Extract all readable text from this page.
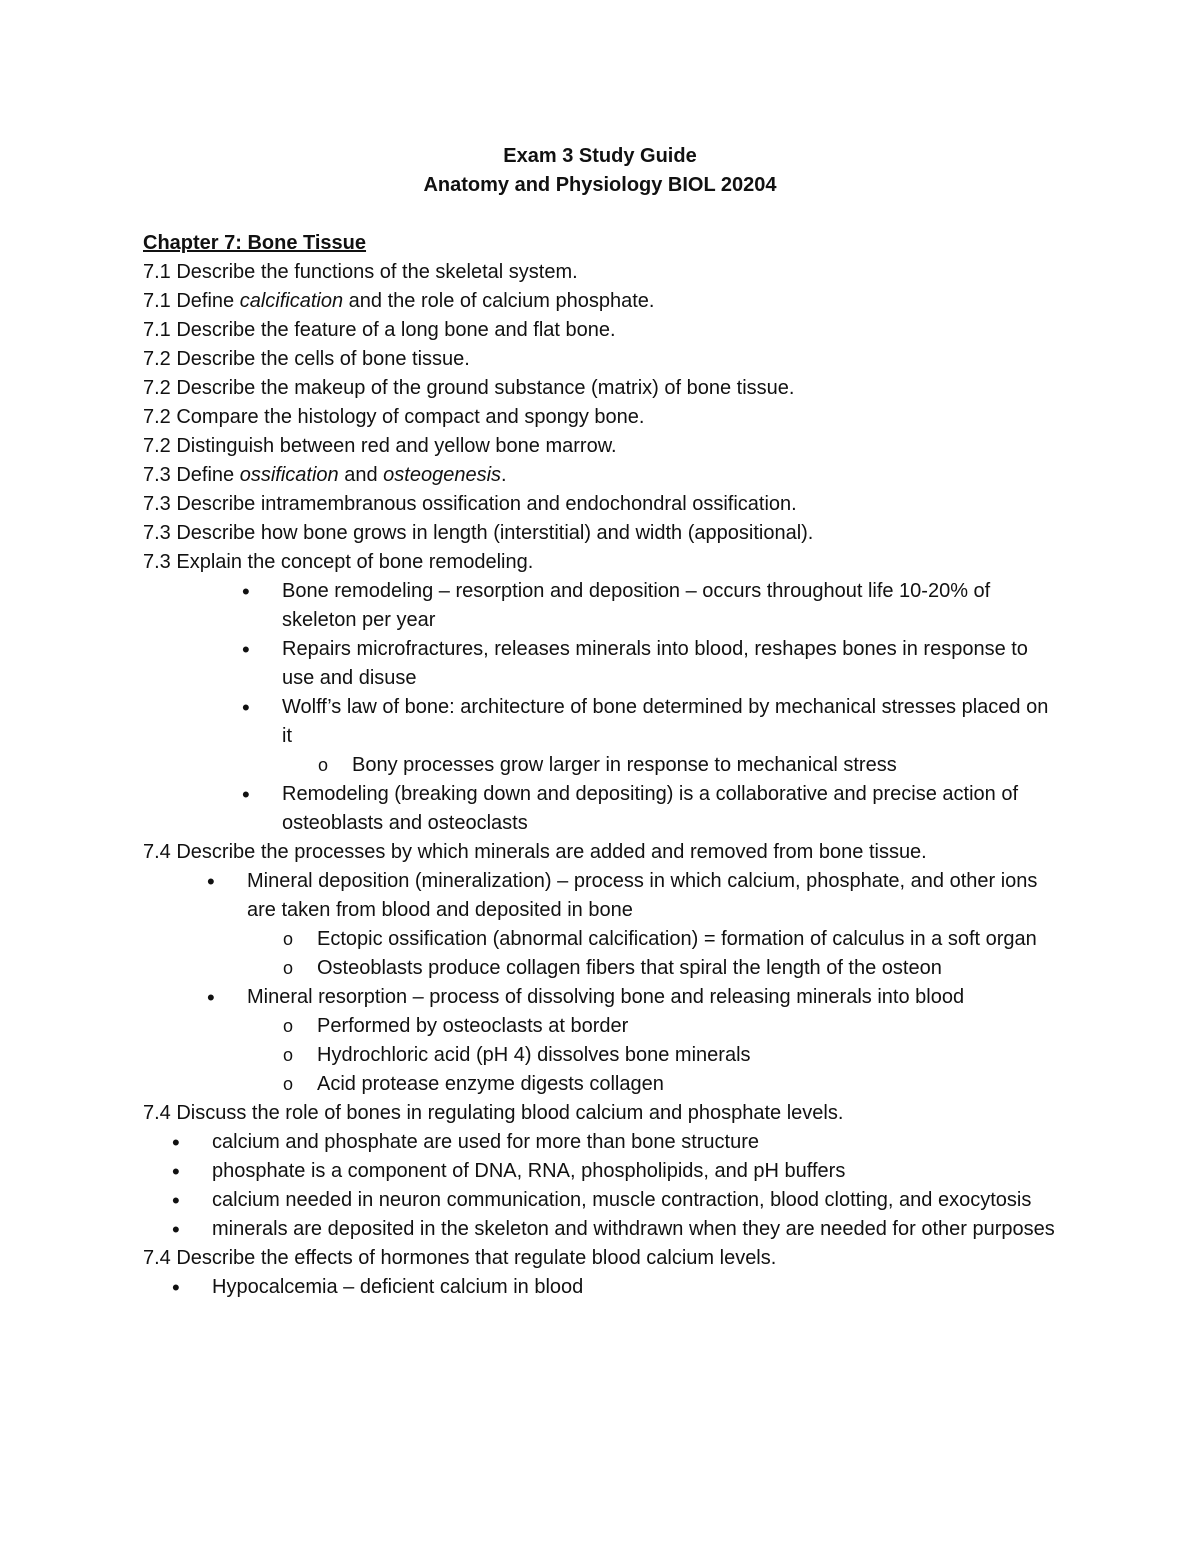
Exam 3 Study Guide
Anatomy and Physiology BIOL 20204
Chapter 7: Bone Tissue

7.1 Describe the functions of the skeletal system.

7.1 Define calcification and the role of calcium phosphate.

7.1 Describe the feature of a long bone and flat bone.

7.2 Describe the cells of bone tissue.

7.2 Describe the makeup of the ground substance (matrix) of bone tissue.

7.2 Compare the histology of compact and spongy bone.

7.2 Distinguish between red and yellow bone marrow.

7.3 Define ossification and osteogenesis.

7.3 Describe intramembranous ossification and endochondral ossification.

7.3 Describe how bone grows in length (interstitial) and width (appositional).

7.3 Explain the concept of bone remodeling.

• Bone remodeling – resorption and deposition – occurs throughout life 10-20% of skeleton per year
• Repairs microfractures, releases minerals into blood, reshapes bones in response to use and disuse
• Wolff’s law of bone: architecture of bone determined by mechanical stresses placed on it
o Bony processes grow larger in response to mechanical stress
• Remodeling (breaking down and depositing) is a collaborative and precise action of osteoblasts and osteoclasts

7.4 Describe the processes by which minerals are added and removed from bone tissue.

• Mineral deposition (mineralization) – process in which calcium, phosphate, and other ions are taken from blood and deposited in bone
o Ectopic ossification (abnormal calcification) = formation of calculus in a soft organ
o Osteoblasts produce collagen fibers that spiral the length of the osteon
• Mineral resorption – process of dissolving bone and releasing minerals into blood
o Performed by osteoclasts at border
o Hydrochloric acid (pH 4) dissolves bone minerals
o Acid protease enzyme digests collagen

7.4 Discuss the role of bones in regulating blood calcium and phosphate levels.

• calcium and phosphate are used for more than bone structure
• phosphate is a component of DNA, RNA, phospholipids, and pH buffers
• calcium needed in neuron communication, muscle contraction, blood clotting, and exocytosis
• minerals are deposited in the skeleton and withdrawn when they are needed for other purposes

7.4 Describe the effects of hormones that regulate blood calcium levels.

• Hypocalcemia – deficient calcium in blood
